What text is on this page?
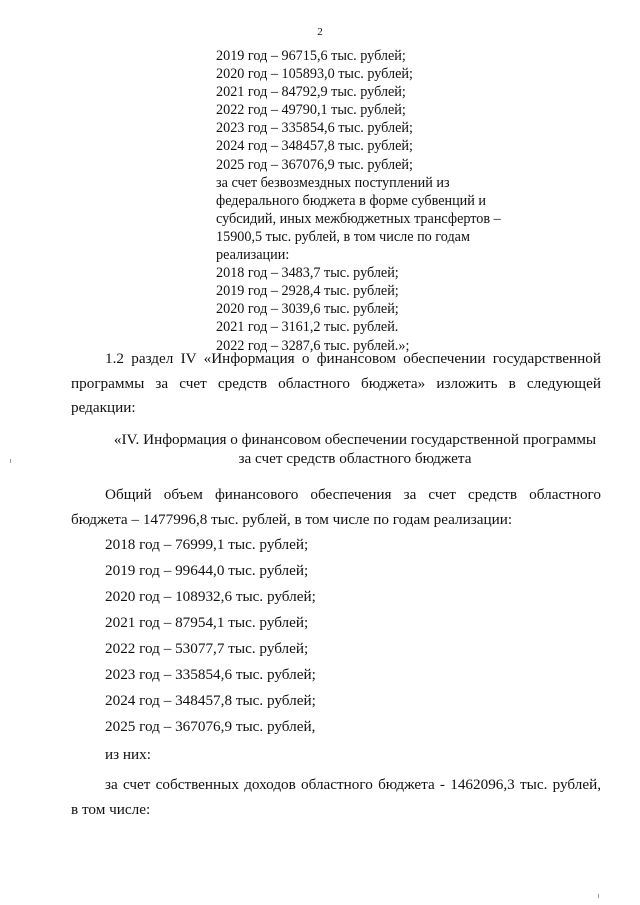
2
2019 год – 96715,6 тыс. рублей;
2020 год – 105893,0 тыс. рублей;
2021 год – 84792,9 тыс. рублей;
2022 год – 49790,1 тыс. рублей;
2023 год – 335854,6 тыс. рублей;
2024 год – 348457,8 тыс. рублей;
2025 год – 367076,9 тыс. рублей;
за счет безвозмездных поступлений из
федерального бюджета в форме субвенций и
субсидий, иных межбюджетных трансфертов –
15900,5 тыс. рублей, в том числе по годам
реализации:
2018 год – 3483,7 тыс. рублей;
2019 год – 2928,4 тыс. рублей;
2020 год – 3039,6 тыс. рублей;
2021 год – 3161,2 тыс. рублей.
2022 год – 3287,6 тыс. рублей.»;
1.2 раздел IV «Информация о финансовом обеспечении государственной
программы за счет средств областного бюджета» изложить в следующей
редакции:
«IV. Информация о финансовом обеспечении государственной программы
за счет средств областного бюджета
Общий объем финансового обеспечения за счет средств областного
бюджета – 1477996,8 тыс. рублей, в том числе по годам реализации:
2018 год – 76999,1 тыс. рублей;
2019 год – 99644,0 тыс. рублей;
2020 год – 108932,6 тыс. рублей;
2021 год – 87954,1 тыс. рублей;
2022 год – 53077,7 тыс. рублей;
2023 год – 335854,6 тыс. рублей;
2024 год – 348457,8 тыс. рублей;
2025 год – 367076,9 тыс. рублей,
из них:
за счет собственных доходов областного бюджета - 1462096,3 тыс. рублей,
в том числе:
